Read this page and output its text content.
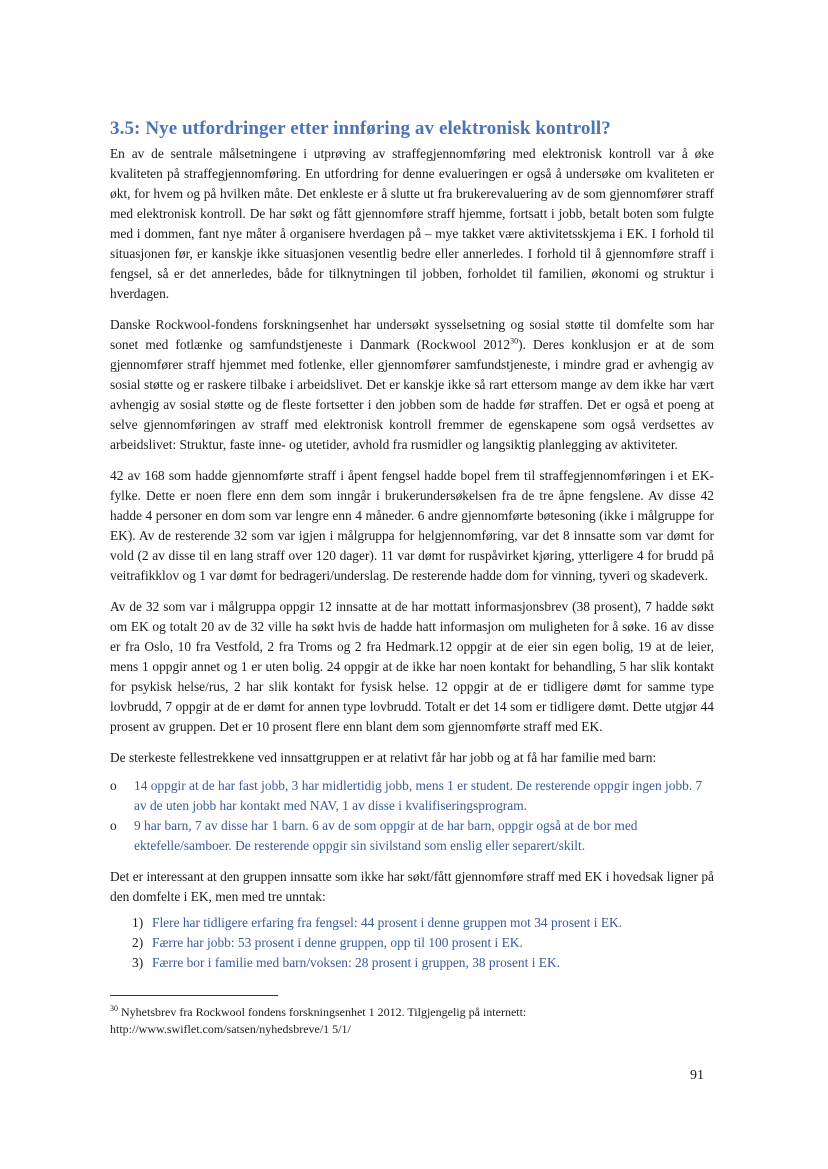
3.5: Nye utfordringer etter innføring av elektronisk kontroll?

En av de sentrale målsetningene i utprøving av straffegjennomføring med elektronisk kontroll var å øke kvaliteten på straffegjennomføring. En utfordring for denne evalueringen er også å undersøke om kvaliteten er økt, for hvem og på hvilken måte. Det enkleste er å slutte ut fra brukerevaluering av de som gjennomfører straff med elektronisk kontroll. De har søkt og fått gjennomføre straff hjemme, fortsatt i jobb, betalt boten som fulgte med i dommen, fant nye måter å organisere hverdagen på – mye takket være aktivitetsskjema i EK. I forhold til situasjonen før, er kanskje ikke situasjonen vesentlig bedre eller annerledes. I forhold til å gjennomføre straff i fengsel, så er det annerledes, både for tilknytningen til jobben, forholdet til familien, økonomi og struktur i hverdagen.

Danske Rockwool-fondens forskningsenhet har undersøkt sysselsetning og sosial støtte til domfelte som har sonet med fotlænke og samfundstjeneste i Danmark (Rockwool 2012$^{30}$). Deres konklusjon er at de som gjennomfører straff hjemmet med fotlenke, eller gjennomfører samfundstjeneste, i mindre grad er avhengig av sosial støtte og er raskere tilbake i arbeidslivet. Det er kanskje ikke så rart ettersom mange av dem ikke har vært avhengig av sosial støtte og de fleste fortsetter i den jobben som de hadde før straffen. Det er også et poeng at selve gjennomføringen av straff med elektronisk kontroll fremmer de egenskapene som også verdsettes av arbeidslivet: Struktur, faste inne- og utetider, avhold fra rusmidler og langsiktig planlegging av aktiviteter.

42 av 168 som hadde gjennomførte straff i åpent fengsel hadde bopel frem til straffegjennomføringen i et EK-fylke. Dette er noen flere enn dem som inngår i brukerundersøkelsen fra de tre åpne fengslene. Av disse 42 hadde 4 personer en dom som var lengre enn 4 måneder. 6 andre gjennomførte bøtesoning (ikke i målgruppe for EK). Av de resterende 32 som var igjen i målgruppa for helgjennomføring, var det 8 innsatte som var dømt for vold (2 av disse til en lang straff over 120 dager). 11 var dømt for ruspåvirket kjøring, ytterligere 4 for brudd på veitrafikklov og 1 var dømt for bedrageri/underslag. De resterende hadde dom for vinning, tyveri og skadeverk.

Av de 32 som var i målgruppa oppgir 12 innsatte at de har mottatt informasjonsbrev (38 prosent), 7 hadde søkt om EK og totalt 20 av de 32 ville ha søkt hvis de hadde hatt informasjon om muligheten for å søke. 16 av disse er fra Oslo, 10 fra Vestfold, 2 fra Troms og 2 fra Hedmark.12 oppgir at de eier sin egen bolig, 19 at de leier, mens 1 oppgir annet og 1 er uten bolig. 24 oppgir at de ikke har noen kontakt for behandling, 5 har slik kontakt for psykisk helse/rus, 2 har slik kontakt for fysisk helse. 12 oppgir at de er tidligere dømt for samme type lovbrudd, 7 oppgir at de er dømt for annen type lovbrudd. Totalt er det 14 som er tidligere dømt. Dette utgjør 44 prosent av gruppen. Det er 10 prosent flere enn blant dem som gjennomførte straff med EK.

De sterkeste fellestrekkene ved innsattgruppen er at relativt får har jobb og at få har familie med barn:

o 14 oppgir at de har fast jobb, 3 har midlertidig jobb, mens 1 er student. De resterende oppgir ingen jobb. 7 av de uten jobb har kontakt med NAV, 1 av disse i kvalifiseringsprogram.
o 9 har barn, 7 av disse har 1 barn. 6 av de som oppgir at de har barn, oppgir også at de bor med ektefelle/samboer. De resterende oppgir sin sivilstand som enslig eller separert/skilt.

Det er interessant at den gruppen innsatte som ikke har søkt/fått gjennomføre straff med EK i hovedsak ligner på den domfelte i EK, men med tre unntak:

1) Flere har tidligere erfaring fra fengsel: 44 prosent i denne gruppen mot 34 prosent i EK.
2) Færre har jobb: 53 prosent i denne gruppen, opp til 100 prosent i EK.
3) Færre bor i familie med barn/voksen: 28 prosent i gruppen, 38 prosent i EK.
$^{30}$ Nyhetsbrev fra Rockwool fondens forskningsenhet 1 2012. Tilgjengelig på internett:
http://www.swiflet.com/satsen/nyhedsbreve/1 5/1/
91
